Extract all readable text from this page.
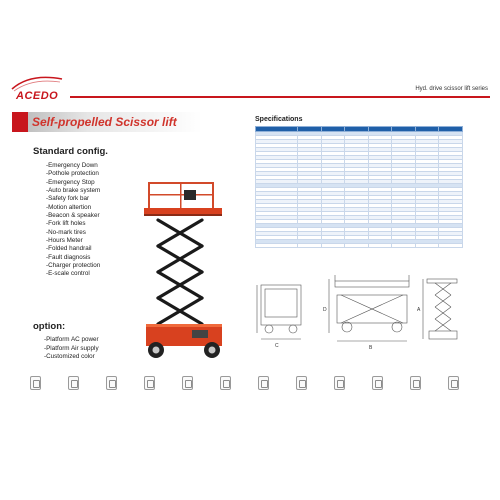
ACEDO
Hyd. drive scissor lift series
Self-propelled Scissor lift
Standard config.
-Emergency Down
-Pothole protection
-Emergency Stop
-Auto brake system
-Safety fork bar
-Motion altertion
-Beacon & speaker
-Fork lift holes
-No-mark tires
-Hours Meter
-Folded handrail
-Fault diagnosis
-Charger protection
-E-scale control
option:
-Platform AC power
-Platform Air supply
-Customized color
Specifications

C
D
B
A
